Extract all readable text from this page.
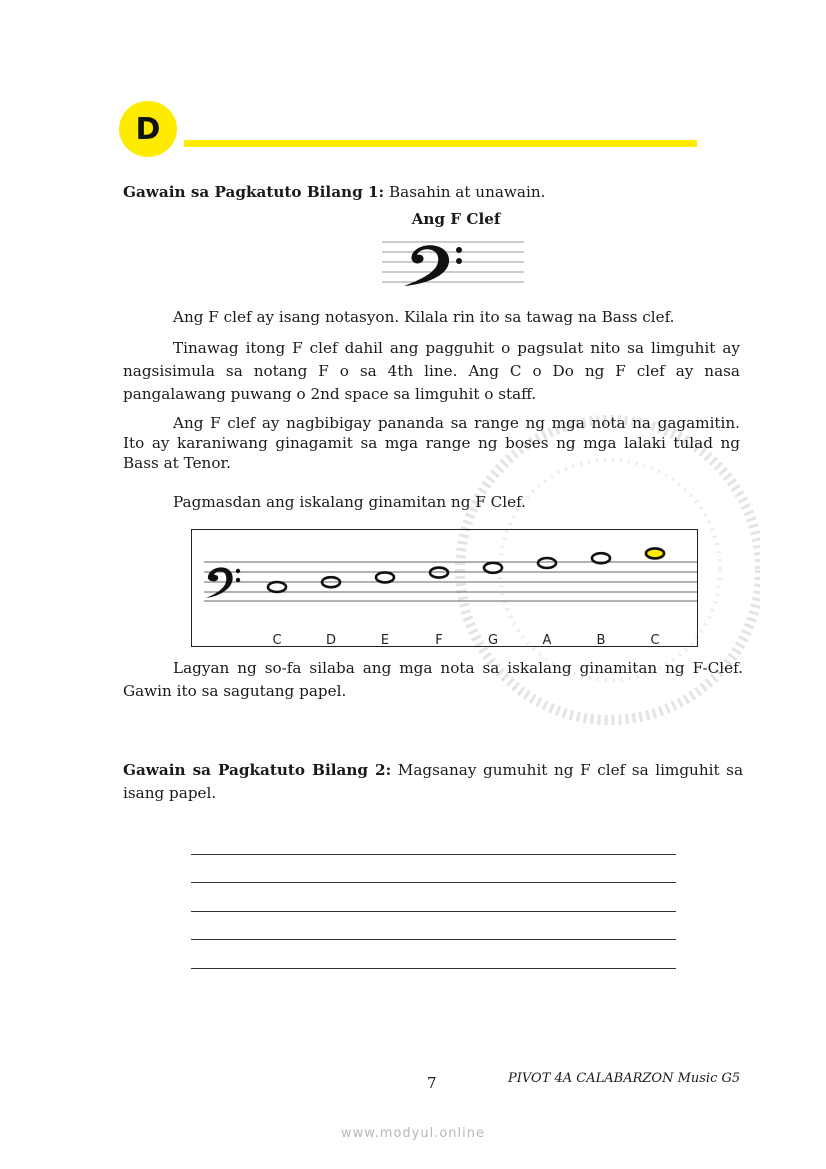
D

Gawain sa Pagkatuto Bilang 1: Basahin at unawain.

Ang F Clef

Ang F clef ay isang notasyon. Kilala rin ito sa tawag na Bass clef.

Tinawag itong F clef dahil ang pagguhit o pagsulat nito sa limguhit ay nagsisimula sa notang F o sa 4th line. Ang C o Do ng F clef ay nasa pangalawang puwang o 2nd space sa limguhit o staff.

Ang F clef ay nagbibigay pananda sa range ng mga nota na gagamitin. Ito ay karaniwang ginagamit sa mga range ng boses ng mga lalaki tulad ng Bass at Tenor.

Pagmasdan ang iskalang ginamitan ng F Clef.

C	D	E	F	G	A	B	C

Lagyan ng so-fa silaba ang mga nota sa iskalang ginamitan ng F-Clef. Gawin ito sa sagutang papel.

Gawain sa Pagkatuto Bilang 2: Magsanay gumuhit ng F clef sa limguhit sa isang papel.

7	PIVOT 4A CALABARZON Music G5
www.modyul.online
